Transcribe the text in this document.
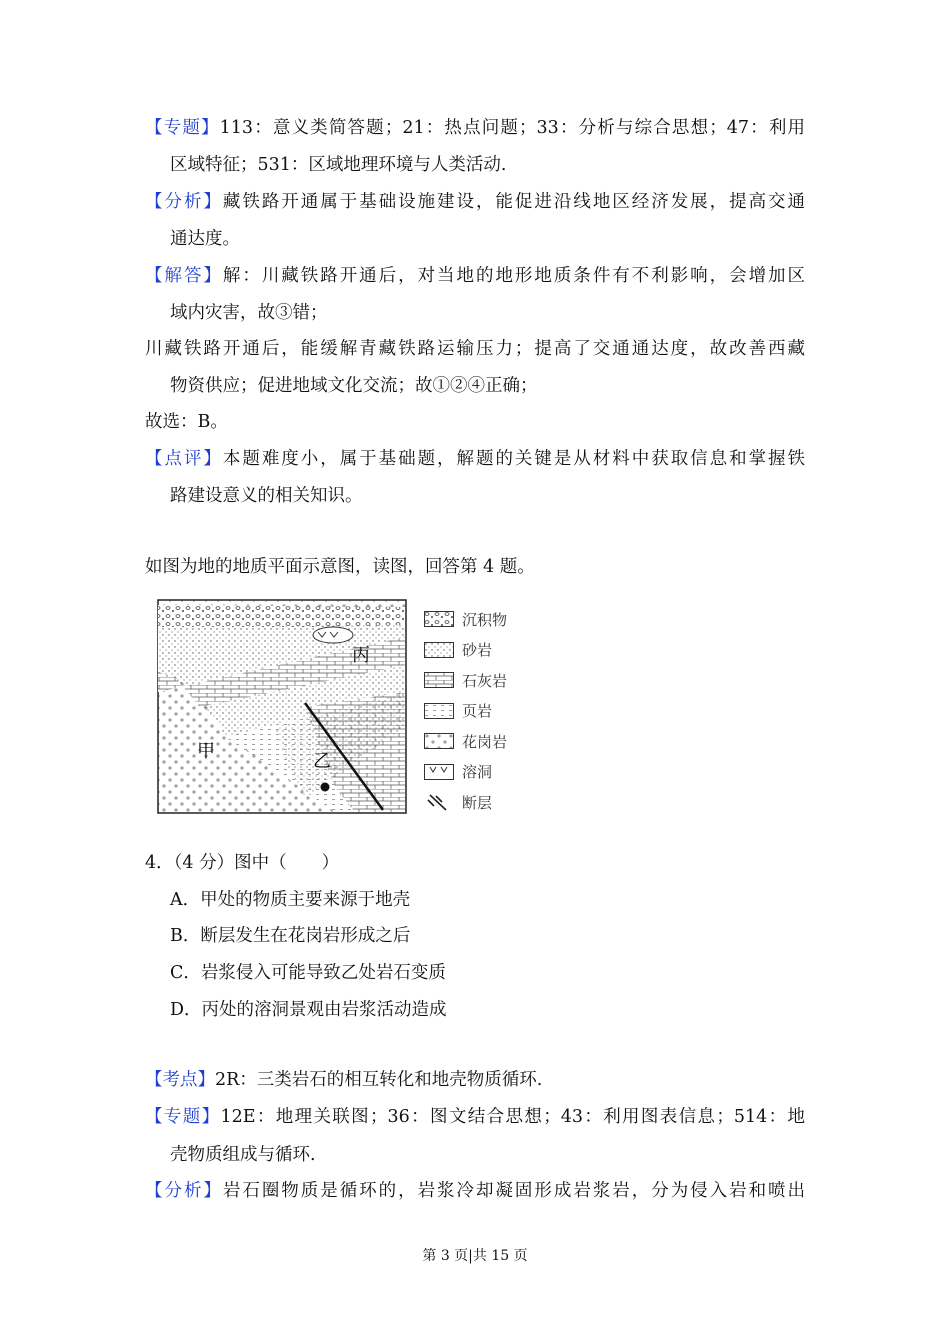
【专题】113：意义类简答题；21：热点问题；33：分析与综合思想；47：利用
区域特征；531：区域地理环境与人类活动.
【分析】藏铁路开通属于基础设施建设，能促进沿线地区经济发展，提高交通
通达度。
【解答】解：川藏铁路开通后，对当地的地形地质条件有不利影响，会增加区
域内灾害，故③错；
川藏铁路开通后，能缓解青藏铁路运输压力；提高了交通通达度，故改善西藏
物资供应；促进地域文化交流；故①②④正确；
故选：B。
【点评】本题难度小，属于基础题，解题的关键是从材料中获取信息和掌握铁
路建设意义的相关知识。
如图为地的地质平面示意图，读图，回答第 4 题。
甲	乙
丙
沉积物
砂岩
石灰岩
页岩
花岗岩
溶洞
断层
4．（4 分）图中（　　）
A．甲处的物质主要来源于地壳
B．断层发生在花岗岩形成之后
C．岩浆侵入可能导致乙处岩石变质
D．丙处的溶洞景观由岩浆活动造成
【考点】2R：三类岩石的相互转化和地壳物质循环.
【专题】12E：地理关联图；36：图文结合思想；43：利用图表信息；514：地
壳物质组成与循环.
【分析】岩石圈物质是循环的，岩浆冷却凝固形成岩浆岩，分为侵入岩和喷出
第 3 页|共 15 页
